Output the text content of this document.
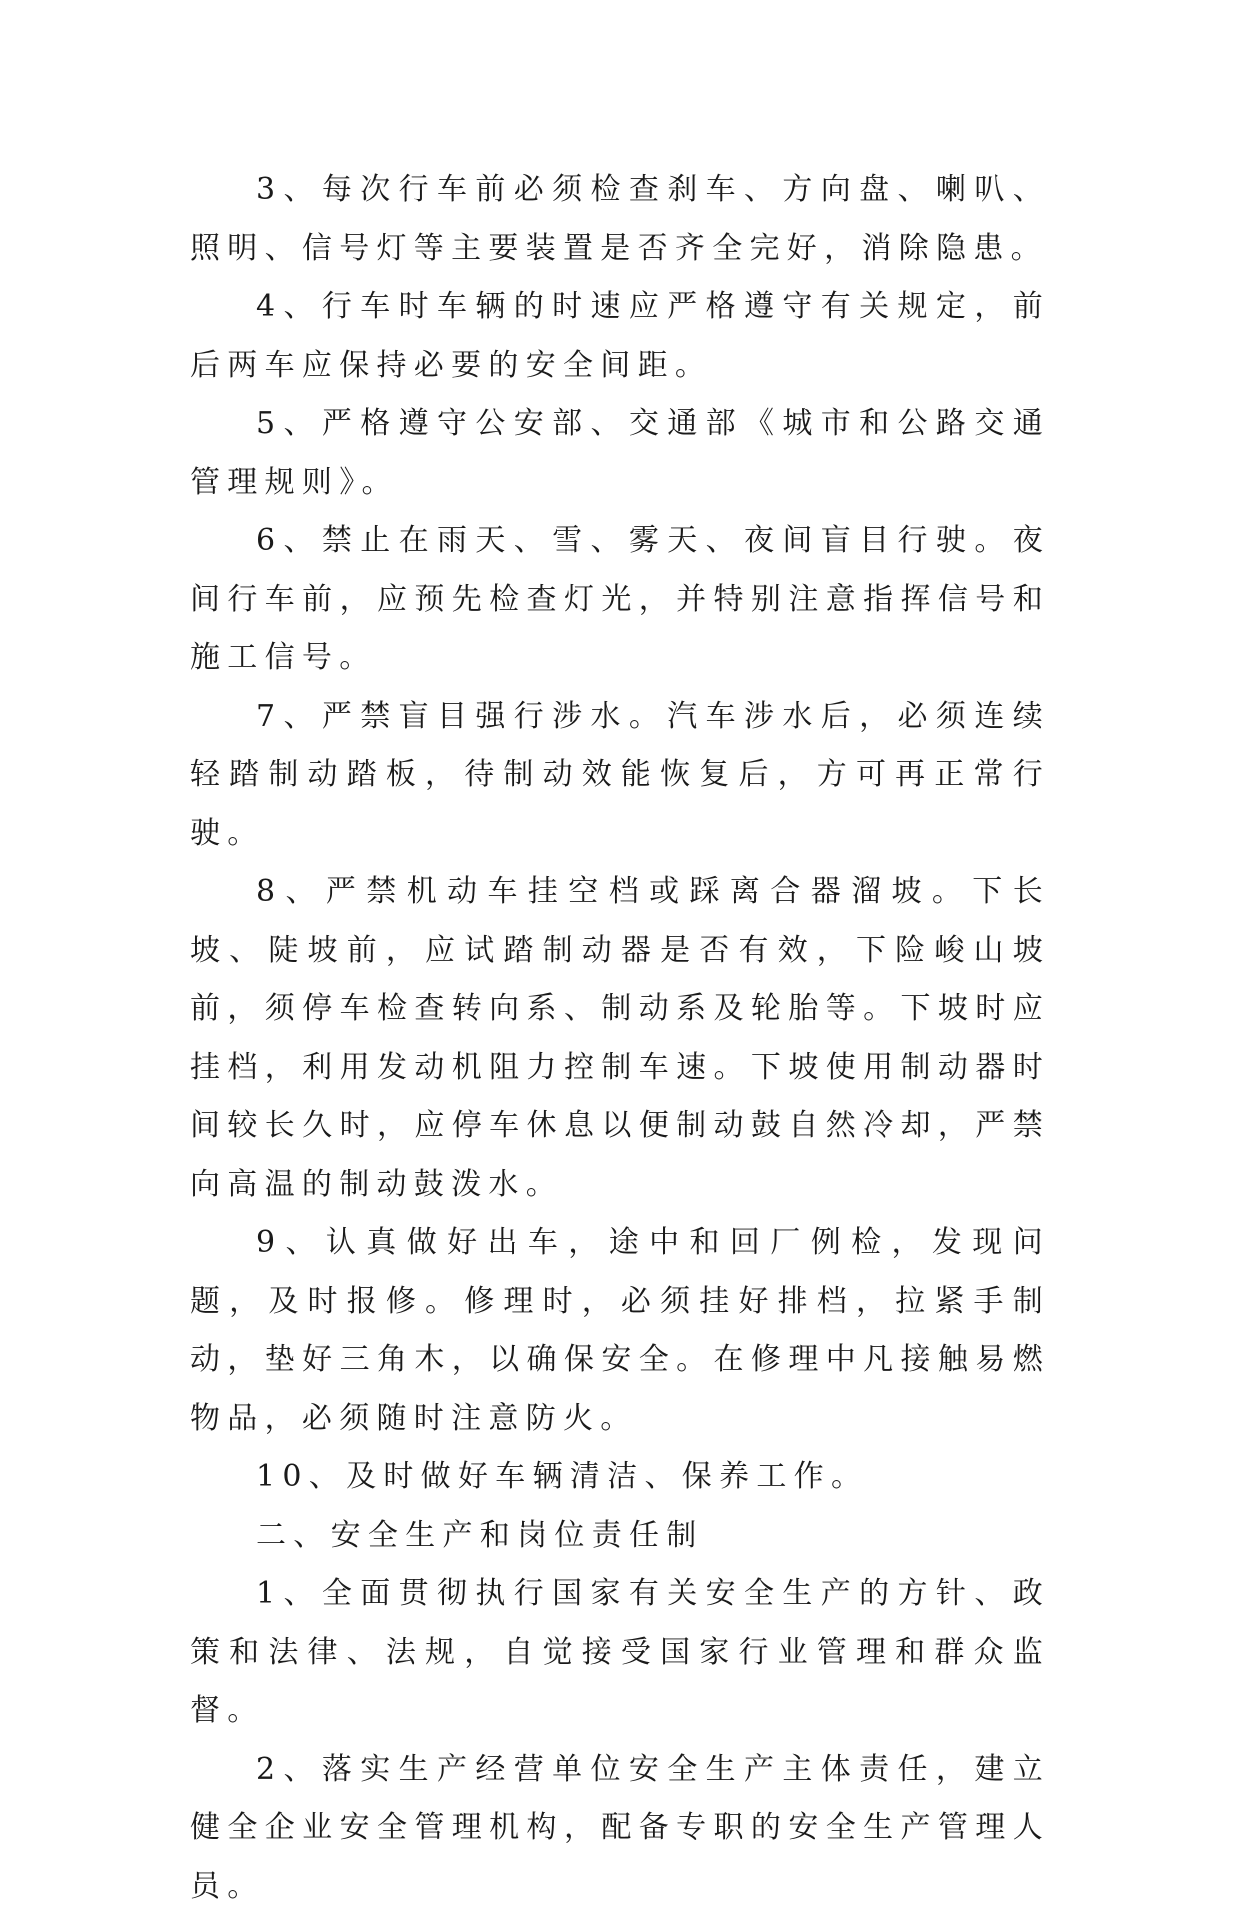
3、每次行车前必须检查刹车、方向盘、喇叭、照明、信号灯等主要装置是否齐全完好，消除隐患。

4、行车时车辆的时速应严格遵守有关规定，前后两车应保持必要的安全间距。

5、严格遵守公安部、交通部《城市和公路交通管理规则》。

6、禁止在雨天、雪、雾天、夜间盲目行驶。夜间行车前，应预先检查灯光，并特别注意指挥信号和施工信号。

7、严禁盲目强行涉水。汽车涉水后，必须连续轻踏制动踏板，待制动效能恢复后，方可再正常行驶。

8、严禁机动车挂空档或踩离合器溜坡。下长坡、陡坡前，应试踏制动器是否有效，下险峻山坡前，须停车检查转向系、制动系及轮胎等。下坡时应挂档，利用发动机阻力控制车速。下坡使用制动器时间较长久时，应停车休息以便制动鼓自然冷却，严禁向高温的制动鼓泼水。

9、认真做好出车，途中和回厂例检，发现问题，及时报修。修理时，必须挂好排档，拉紧手制动，垫好三角木，以确保安全。在修理中凡接触易燃物品，必须随时注意防火。

10、及时做好车辆清洁、保养工作。

二、安全生产和岗位责任制

1、全面贯彻执行国家有关安全生产的方针、政策和法律、法规，自觉接受国家行业管理和群众监督。

2、落实生产经营单位安全生产主体责任，建立健全企业安全管理机构，配备专职的安全生产管理人员。
